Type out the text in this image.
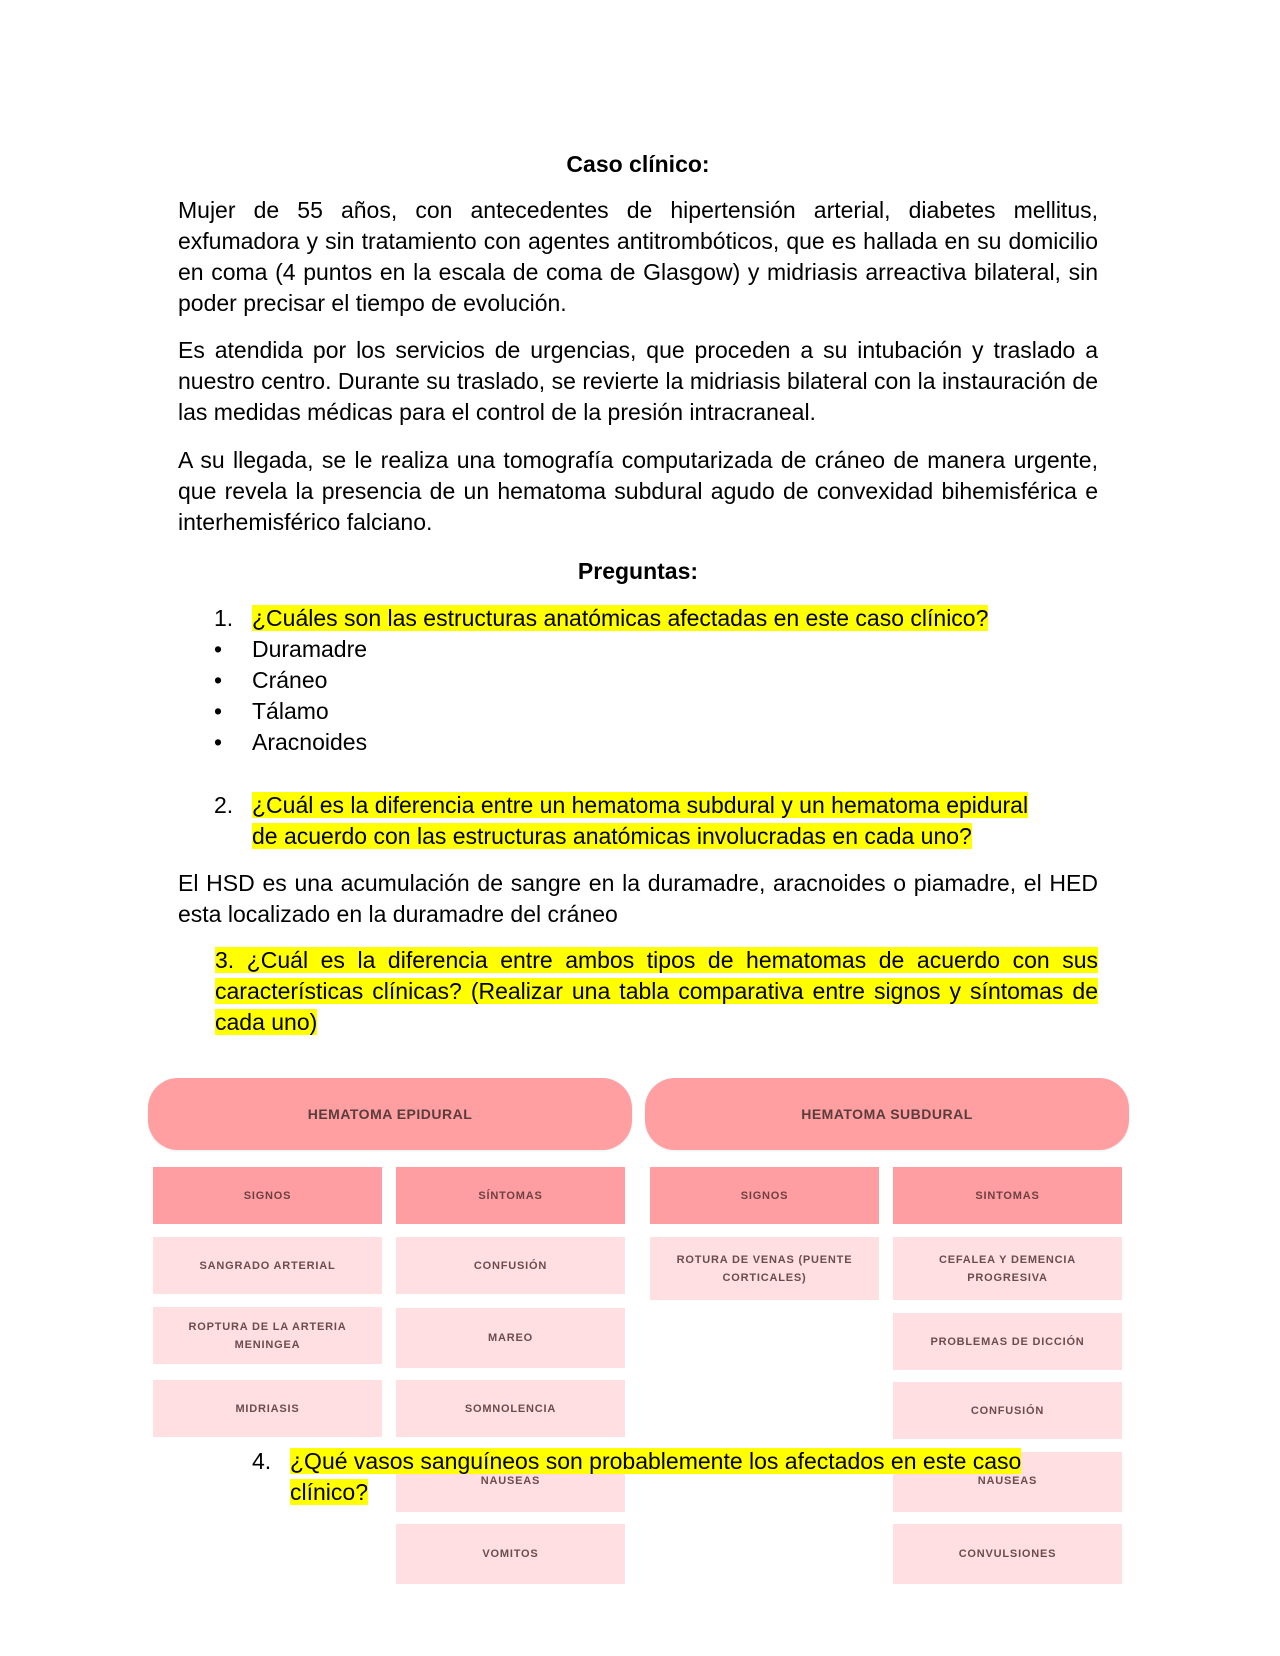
Caso clínico:

Mujer de 55 años, con antecedentes de hipertensión arterial, diabetes mellitus, exfumadora y sin tratamiento con agentes antitrombóticos, que es hallada en su domicilio en coma (4 puntos en la escala de coma de Glasgow) y midriasis arreactiva bilateral, sin poder precisar el tiempo de evolución.

Es atendida por los servicios de urgencias, que proceden a su intubación y traslado a nuestro centro. Durante su traslado, se revierte la midriasis bilateral con la instauración de las medidas médicas para el control de la presión intracraneal.

A su llegada, se le realiza una tomografía computarizada de cráneo de manera urgente, que revela la presencia de un hematoma subdural agudo de convexidad bihemisférica e interhemisférico falciano.

Preguntas:
1. ¿Cuáles son las estructuras anatómicas afectadas en este caso clínico?
• Duramadre
• Cráneo
• Tálamo
• Aracnoides
2. ¿Cuál es la diferencia entre un hematoma subdural y un hematoma epidural
de acuerdo con las estructuras anatómicas involucradas en cada uno?

El HSD es una acumulación de sangre en la duramadre, aracnoides o piamadre, el HED esta localizado en la duramadre del cráneo

3. ¿Cuál es la diferencia entre ambos tipos de hematomas de acuerdo con sus características clínicas? (Realizar una tabla comparativa entre signos y síntomas de cada uno)

HEMATOMA EPIDURAL	HEMATOMA SUBDURAL
SIGNOS
SANGRADO ARTERIAL
ROPTURA DE LA ARTERIA MENINGEA
MIDRIASIS
SÍNTOMAS
CONFUSIÓN
MAREO
SOMNOLENCIA
NAUSEAS
VOMITOS
SIGNOS
ROTURA DE VENAS (PUENTE CORTICALES)
SINTOMAS
CEFALEA Y DEMENCIA PROGRESIVA
PROBLEMAS DE DICCIÓN
CONFUSIÓN
NAUSEAS
CONVULSIONES
4. ¿Qué vasos sanguíneos son probablemente los afectados en este caso
clínico?
